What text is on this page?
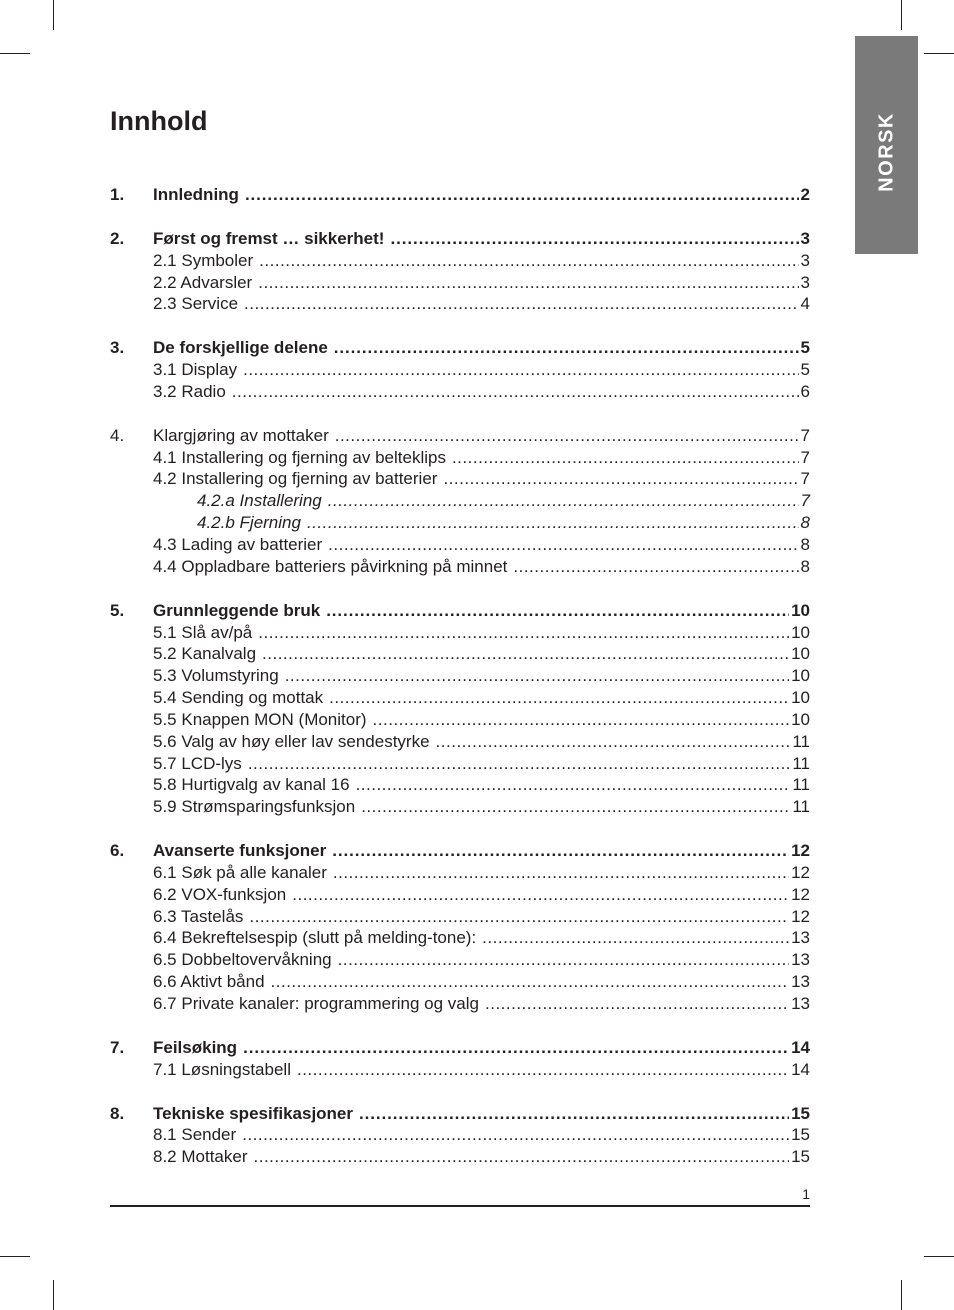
NORSK
Innhold
1. Innledning .....	2
2. Først og fremst … sikkerhet! .....	3
2.1 Symboler .....	3
2.2 Advarsler .....	3
2.3 Service .....	4
3. De forskjellige delene .....	5
3.1 Display .....	5
3.2 Radio .....	6
4. Klargjøring av mottaker .....	7
4.1 Installering og fjerning av belteklips .....	7
4.2 Installering og fjerning av batterier .....	7
4.2.a Installering .....	7
4.2.b Fjerning .....	8
4.3 Lading av batterier .....	8
4.4 Oppladbare batteriers påvirkning på minnet .....	8
5. Grunnleggende bruk .....	10
5.1 Slå av/på .....	10
5.2 Kanalvalg .....	10
5.3 Volumstyring .....	10
5.4 Sending og mottak .....	10
5.5 Knappen MON (Monitor) .....	10
5.6 Valg av høy eller lav sendestyrke .....	11
5.7 LCD-lys .....	11
5.8 Hurtigvalg av kanal 16 .....	11
5.9 Strømsparingsfunksjon .....	11
6. Avanserte funksjoner .....	12
6.1 Søk på alle kanaler .....	12
6.2 VOX-funksjon .....	12
6.3 Tastelås .....	12
6.4 Bekreftelsespip (slutt på melding-tone): .....	13
6.5 Dobbeltovervåkning .....	13
6.6 Aktivt bånd .....	13
6.7 Private kanaler: programmering og valg .....	13
7. Feilsøking .....	14
7.1 Løsningstabell .....	14
8. Tekniske spesifikasjoner .....	15
8.1 Sender .....	15
8.2 Mottaker .....	15
1
